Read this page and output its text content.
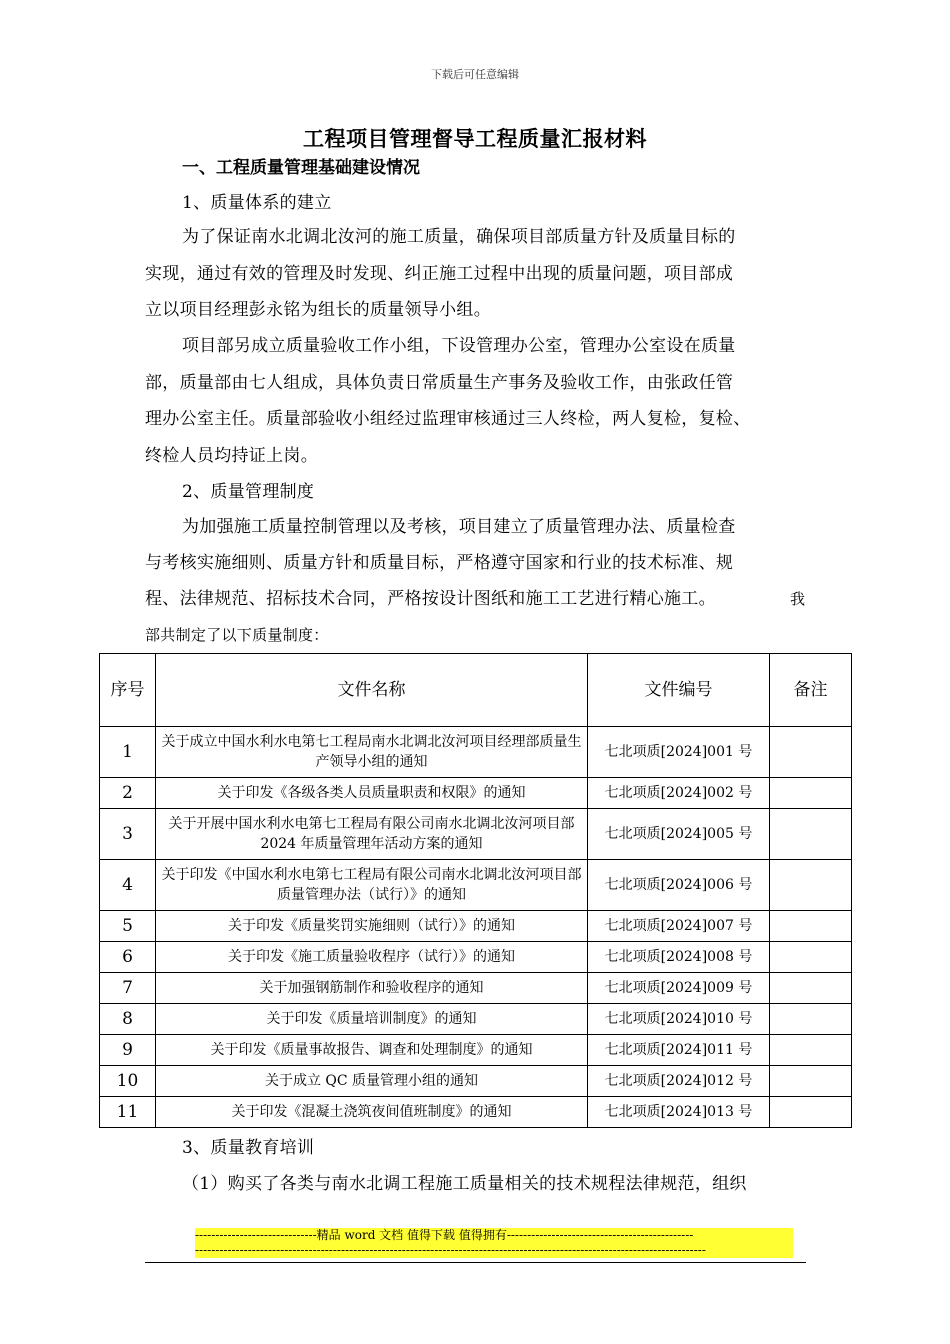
下载后可任意编辑
工程项目管理督导工程质量汇报材料
一、工程质量管理基础建设情况
1、质量体系的建立
为了保证南水北调北汝河的施工质量，确保项目部质量方针及质量目标的
实现，通过有效的管理及时发现、纠正施工过程中出现的质量问题，项目部成
立以项目经理彭永铭为组长的质量领导小组。
项目部另成立质量验收工作小组，下设管理办公室，管理办公室设在质量
部，质量部由七人组成，具体负责日常质量生产事务及验收工作，由张政任管
理办公室主任。质量部验收小组经过监理审核通过三人终检，两人复检，复检、
终检人员均持证上岗。
2、质量管理制度
为加强施工质量控制管理以及考核，项目建立了质量管理办法、质量检查
与考核实施细则、质量方针和质量目标，严格遵守国家和行业的技术标准、规
程、法律规范、招标技术合同，严格按设计图纸和施工工艺进行精心施工。	我
部共制定了以下质量制度：
序号	文件名称	文件编号	备注
1	关于成立中国水利水电第七工程局南水北调北汝河项目经理部质量生产领导小组的通知	七北项质[2024]001 号	
2	关于印发《各级各类人员质量职责和权限》的通知	七北项质[2024]002 号	
3	关于开展中国水利水电第七工程局有限公司南水北调北汝河项目部 2024 年质量管理年活动方案的通知	七北项质[2024]005 号	
4	关于印发《中国水利水电第七工程局有限公司南水北调北汝河项目部质量管理办法（试行）》的通知	七北项质[2024]006 号	
5	关于印发《质量奖罚实施细则（试行）》的通知	七北项质[2024]007 号	
6	关于印发《施工质量验收程序（试行）》的通知	七北项质[2024]008 号	
7	关于加强钢筋制作和验收程序的通知	七北项质[2024]009 号	
8	关于印发《质量培训制度》的通知	七北项质[2024]010 号	
9	关于印发《质量事故报告、调查和处理制度》的通知	七北项质[2024]011 号	
10	关于成立 QC 质量管理小组的通知	七北项质[2024]012 号	
11	关于印发《混凝土浇筑夜间值班制度》的通知	七北项质[2024]013 号	
3、质量教育培训
（1）购买了各类与南水北调工程施工质量相关的技术规程法律规范，组织
------------------------------精品 word 文档 值得下载 值得拥有----------------------------------------------
------------------------------------------------------------------------------------------------------------------------------
